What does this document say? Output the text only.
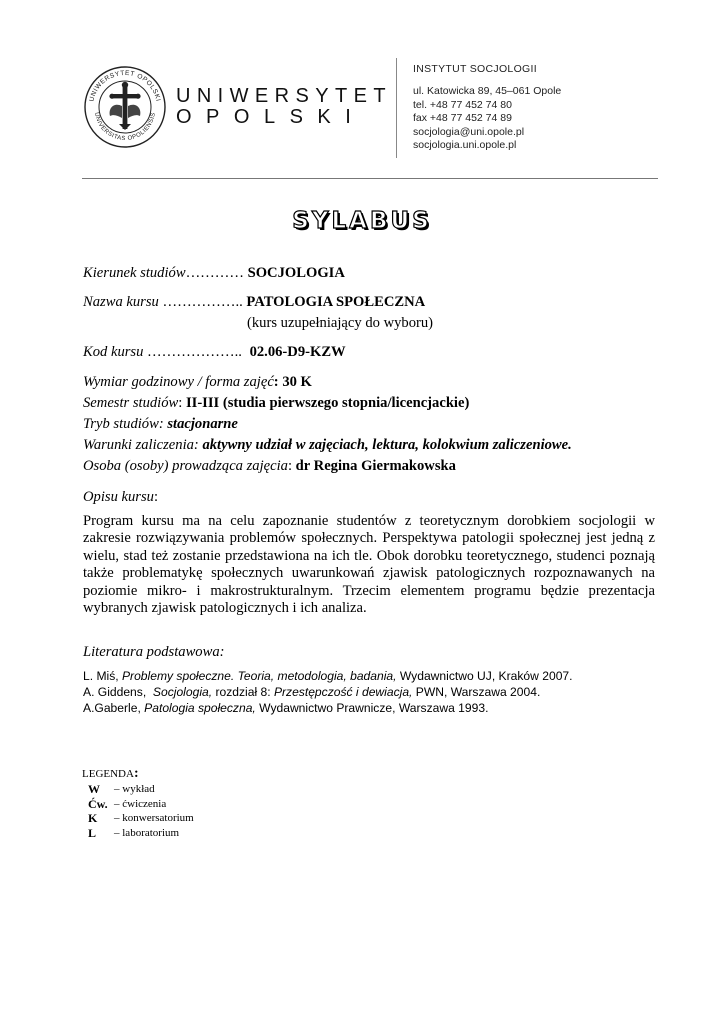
UNIWERSYTET OPOLSKI
UNIVERSITAS OPOLIENSIS
UNIWERSYTET
OPOLSKI
INSTYTUT SOCJOLOGII
ul. Katowicka 89, 45–061 Opole
tel. +48 77 452 74 80
fax +48 77 452 74 89
socjologia@uni.opole.pl
socjologia.uni.opole.pl
SYLABUS
Kierunek studiów………… SOCJOLOGIA
Nazwa kursu …………….. PATOLOGIA SPOŁECZNA
(kurs uzupełniający do wyboru)
Kod kursu ……………….. 02.06-D9-KZW
Wymiar godzinowy / forma zajęć: 30 K
Semestr studiów: II-III (studia pierwszego stopnia/licencjackie)
Tryb studiów: stacjonarne
Warunki zaliczenia: aktywny udział w zajęciach, lektura, kolokwium zaliczeniowe.
Osoba (osoby) prowadząca zajęcia: dr Regina Giermakowska
Opisu kursu:
Program kursu ma na celu zapoznanie studentów z teoretycznym dorobkiem socjologii w zakresie rozwiązywania problemów społecznych. Perspektywa patologii społecznej jest jedną z wielu, stad też zostanie przedstawiona na ich tle. Obok dorobku teoretycznego, studenci poznają także problematykę społecznych uwarunkowań zjawisk patologicznych rozpoznawanych na poziomie mikro- i makrostrukturalnym. Trzecim elementem programu będzie prezentacja wybranych zjawisk patologicznych i ich analiza.
Literatura podstawowa:
L. Miś, Problemy społeczne. Teoria, metodologia, badania, Wydawnictwo UJ, Kraków 2007.
A. Giddens,  Socjologia, rozdział 8: Przestępczość i dewiacja, PWN, Warszawa 2004.
A.Gaberle, Patologia społeczna, Wydawnictwo Prawnicze, Warszawa 1993.
LEGENDA:
W – wykład
Ćw. – ćwiczenia
K – konwersatorium
L – laboratorium
